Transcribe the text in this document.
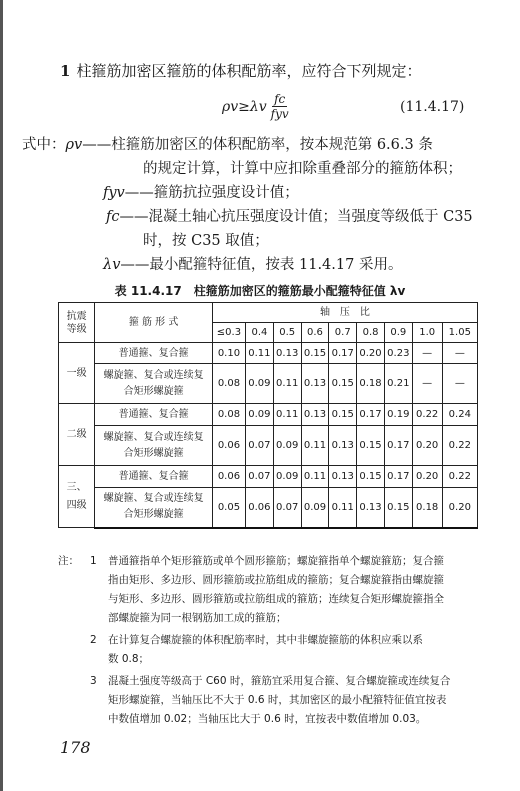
1 柱箍筋加密区箍筋的体积配筋率，应符合下列规定：
$\rho v\ge\lambda v \frac{fc}{\text{fyv}}$	(11.4.17)
式中：ρv——柱箍筋加密区的体积配筋率，按本规范第 6.6.3 条
的规定计算，计算中应扣除重叠部分的箍筋体积；
fyv——箍筋抗拉强度设计值；
fc——混凝土轴心抗压强度设计值；当强度等级低于 C35
时，按 C35 取值；
λv——最小配箍特征值，按表 11.4.17 采用。
表 11.4.17　柱箍筋加密区的箍筋最小配箍特征值 λv
抗震等级	箍 筋 形 式	轴　压　比								
		≤0.3	0.4	0.5	0.6	0.7	0.8	0.9	1.0	1.05
一级	普通箍、复合箍	0.10	0.11	0.13	0.15	0.17	0.20	0.23	—	—
	螺旋箍、复合或连续复合矩形螺旋箍	0.08	0.09	0.11	0.13	0.15	0.18	0.21	—	—
二级	普通箍、复合箍	0.08	0.09	0.11	0.13	0.15	0.17	0.19	0.22	0.24
	螺旋箍、复合或连续复合矩形螺旋箍	0.06	0.07	0.09	0.11	0.13	0.15	0.17	0.20	0.22
三、四级	普通箍、复合箍	0.06	0.07	0.09	0.11	0.13	0.15	0.17	0.20	0.22
	螺旋箍、复合或连续复合矩形螺旋箍	0.05	0.06	0.07	0.09	0.11	0.13	0.15	0.18	0.20
注： 1 普通箍指单个矩形箍筋或单个圆形箍筋；螺旋箍指单个螺旋箍筋；复合箍
指由矩形、多边形、圆形箍筋或拉筋组成的箍筋；复合螺旋箍指由螺旋箍
与矩形、多边形、圆形箍筋或拉筋组成的箍筋；连续复合矩形螺旋箍指全
部螺旋箍为同一根钢筋加工成的箍筋；
2 在计算复合螺旋箍的体积配筋率时，其中非螺旋箍筋的体积应乘以系
数 0.8；
3 混凝土强度等级高于 C60 时，箍筋宜采用复合箍、复合螺旋箍或连续复合
矩形螺旋箍，当轴压比不大于 0.6 时，其加密区的最小配箍特征值宜按表
中数值增加 0.02；当轴压比大于 0.6 时，宜按表中数值增加 0.03。
178
